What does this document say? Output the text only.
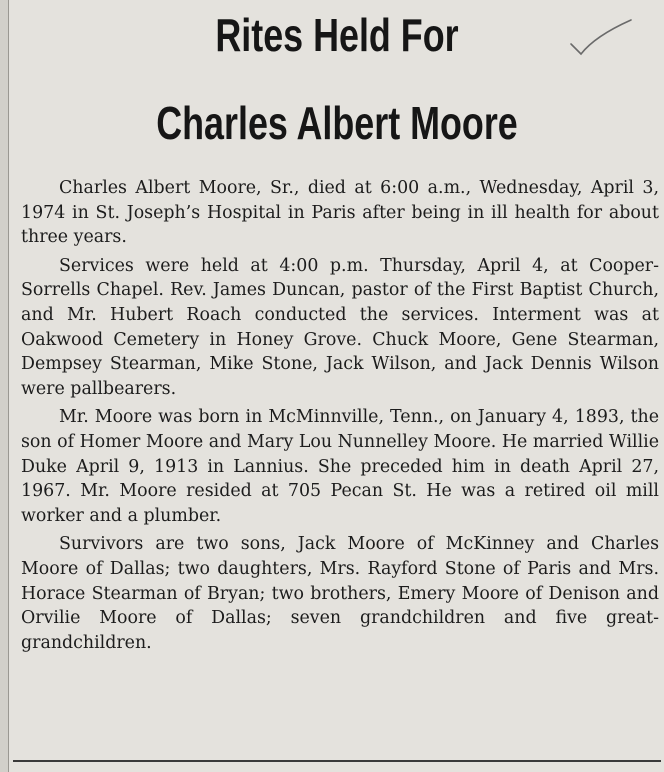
Rites Held For
Charles Albert Moore

Charles Albert Moore, Sr., died at 6:00 a.m., Wednesday, April 3, 1974 in St. Joseph’s Hospital in Paris after being in ill health for about three years.

Services were held at 4:00 p.m. Thursday, April 4, at Cooper-Sorrells Chapel. Rev. James Duncan, pastor of the First Baptist Church, and Mr. Hubert Roach conducted the services. Interment was at Oakwood Cemetery in Honey Grove. Chuck Moore, Gene Stearman, Dempsey Stearman, Mike Stone, Jack Wilson, and Jack Dennis Wilson were pallbearers.

Mr. Moore was born in McMinnville, Tenn., on January 4, 1893, the son of Homer Moore and Mary Lou Nunnelley Moore. He married Willie Duke April 9, 1913 in Lannius. She preceded him in death April 27, 1967. Mr. Moore resided at 705 Pecan St. He was a retired oil mill worker and a plumber.

Survivors are two sons, Jack Moore of McKinney and Charles Moore of Dallas; two daughters, Mrs. Rayford Stone of Paris and Mrs. Horace Stearman of Bryan; two brothers, Emery Moore of Denison and Orvilie Moore of Dallas; seven grandchildren and five great-grandchildren.
